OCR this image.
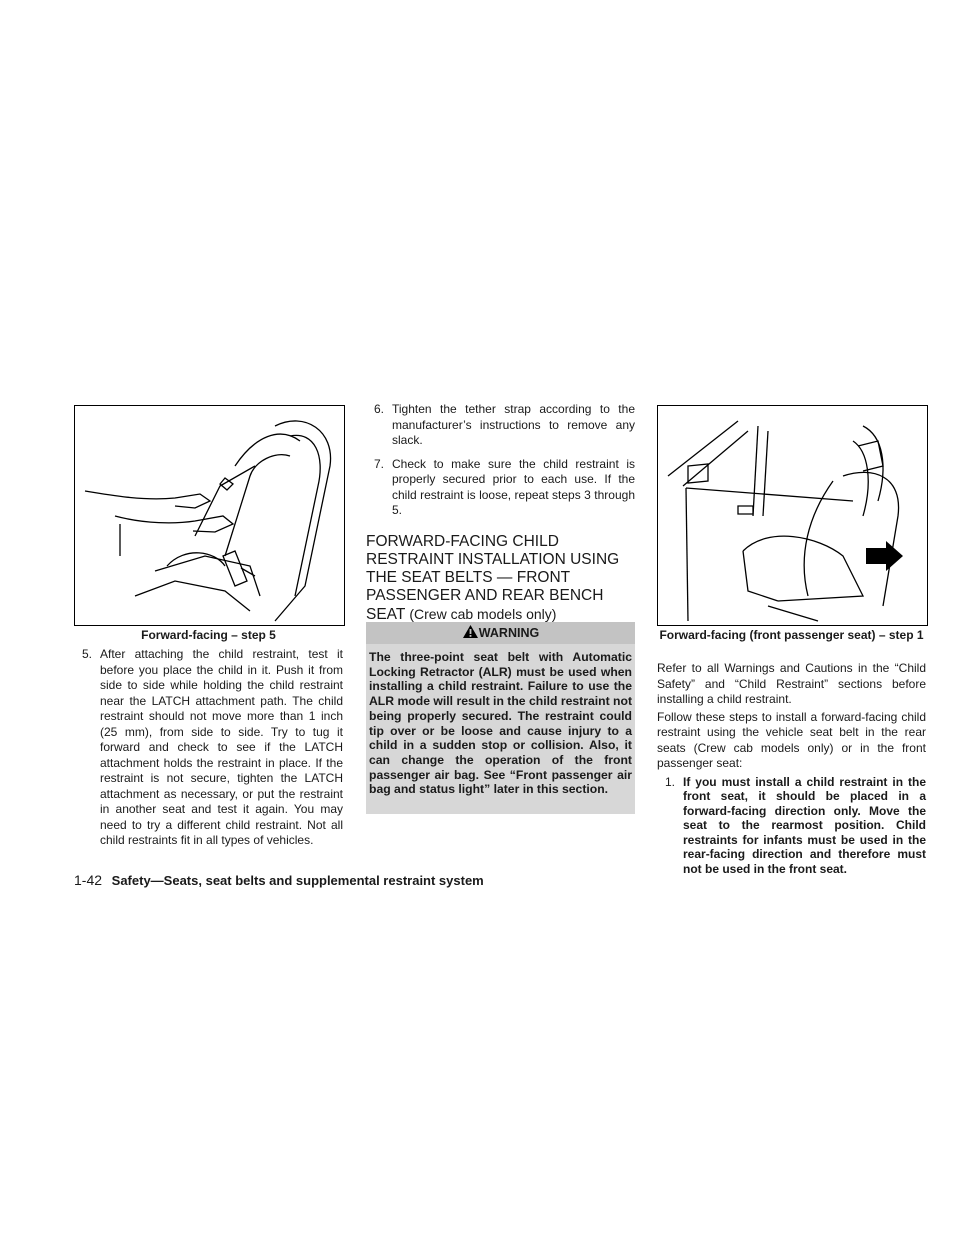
Forward-facing – step 5
5. After attaching the child restraint, test it before you place the child in it. Push it from side to side while holding the child restraint near the LATCH attachment path. The child restraint should not move more than 1 inch (25 mm), from side to side. Try to tug it forward and check to see if the LATCH attachment holds the restraint in place. If the restraint is not secure, tighten the LATCH attachment as necessary, or put the restraint in another seat and test it again. You may need to try a different child restraint. Not all child restraints fit in all types of vehicles.
6. Tighten the tether strap according to the manufacturer’s instructions to remove any slack.
7. Check to make sure the child restraint is properly secured prior to each use. If the child restraint is loose, repeat steps 3 through 5.
FORWARD-FACING CHILD RESTRAINT INSTALLATION USING THE SEAT BELTS — FRONT PASSENGER AND REAR BENCH SEAT (Crew cab models only)
WARNING
The three-point seat belt with Automatic Locking Retractor (ALR) must be used when installing a child restraint. Failure to use the ALR mode will result in the child restraint not being properly secured. The restraint could tip over or be loose and cause injury to a child in a sudden stop or collision. Also, it can change the operation of the front passenger air bag. See “Front passenger air bag and status light” later in this section.
Forward-facing (front passenger seat) – step 1

Refer to all Warnings and Cautions in the “Child Safety” and “Child Restraint” sections before installing a child restraint.

Follow these steps to install a forward-facing child restraint using the vehicle seat belt in the rear seats (Crew cab models only) or in the front passenger seat:

1. If you must install a child restraint in the front seat, it should be placed in a forward-facing direction only. Move the seat to the rearmost position. Child restraints for infants must be used in the rear-facing direction and therefore must not be used in the front seat.
1-42 Safety—Seats, seat belts and supplemental restraint system
